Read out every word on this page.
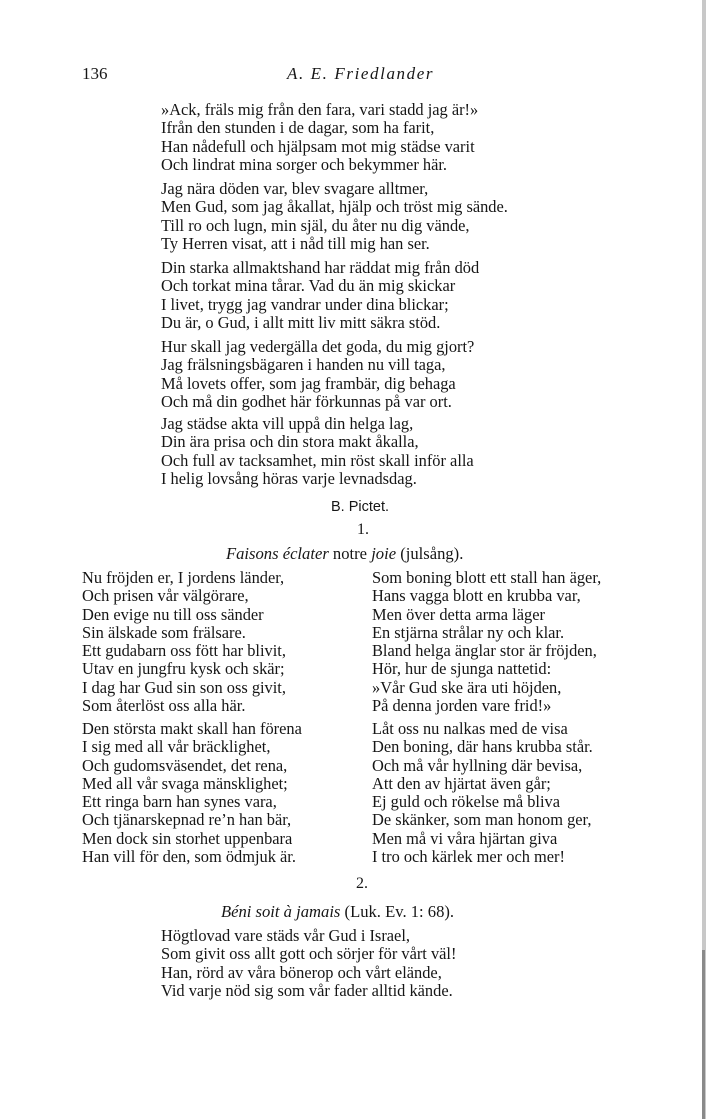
136	A. E. Friedlander
»Ack, fräls mig från den fara, vari stadd jag är!»
Ifrån den stunden i de dagar, som ha farit,
Han nådefull och hjälpsam mot mig städse varit
Och lindrat mina sorger och bekymmer här.
Jag nära döden var, blev svagare alltmer,
Men Gud, som jag åkallat, hjälp och tröst mig sände.
Till ro och lugn, min själ, du åter nu dig vände,
Ty Herren visat, att i nåd till mig han ser.
Din starka allmaktshand har räddat mig från död
Och torkat mina tårar. Vad du än mig skickar
I livet, trygg jag vandrar under dina blickar;
Du är, o Gud, i allt mitt liv mitt säkra stöd.
Hur skall jag vedergälla det goda, du mig gjort?
Jag frälsningsbägaren i handen nu vill taga,
Må lovets offer, som jag frambär, dig behaga
Och må din godhet här förkunnas på var ort.
Jag städse akta vill uppå din helga lag,
Din ära prisa och din stora makt åkalla,
Och full av tacksamhet, min röst skall inför alla
I helig lovsång höras varje levnadsdag.
B. Pictet.
1.
Faisons éclater notre joie (julsång).
Nu fröjden er, I jordens länder,
Och prisen vår välgörare,
Den evige nu till oss sänder
Sin älskade som frälsare.
Ett gudabarn oss fött har blivit,
Utav en jungfru kysk och skär;
I dag har Gud sin son oss givit,
Som återlöst oss alla här.
Den största makt skall han förena
I sig med all vår bräcklighet,
Och gudomsväsendet, det rena,
Med all vår svaga mänsklighet;
Ett ringa barn han synes vara,
Och tjänarskepnad re’n han bär,
Men dock sin storhet uppenbara
Han vill för den, som ödmjuk är.
Som boning blott ett stall han äger,
Hans vagga blott en krubba var,
Men över detta arma läger
En stjärna strålar ny och klar.
Bland helga änglar stor är fröjden,
Hör, hur de sjunga nattetid:
»Vår Gud ske ära uti höjden,
På denna jorden vare frid!»
Låt oss nu nalkas med de visa
Den boning, där hans krubba står.
Och må vår hyllning där bevisa,
Att den av hjärtat även går;
Ej guld och rökelse må bliva
De skänker, som man honom ger,
Men må vi våra hjärtan giva
I tro och kärlek mer och mer!
2.
Béni soit à jamais (Luk. Ev. 1: 68).
Högtlovad vare städs vår Gud i Israel,
Som givit oss allt gott och sörjer för vårt väl!
Han, rörd av våra bönerop och vårt elände,
Vid varje nöd sig som vår fader alltid kände.
